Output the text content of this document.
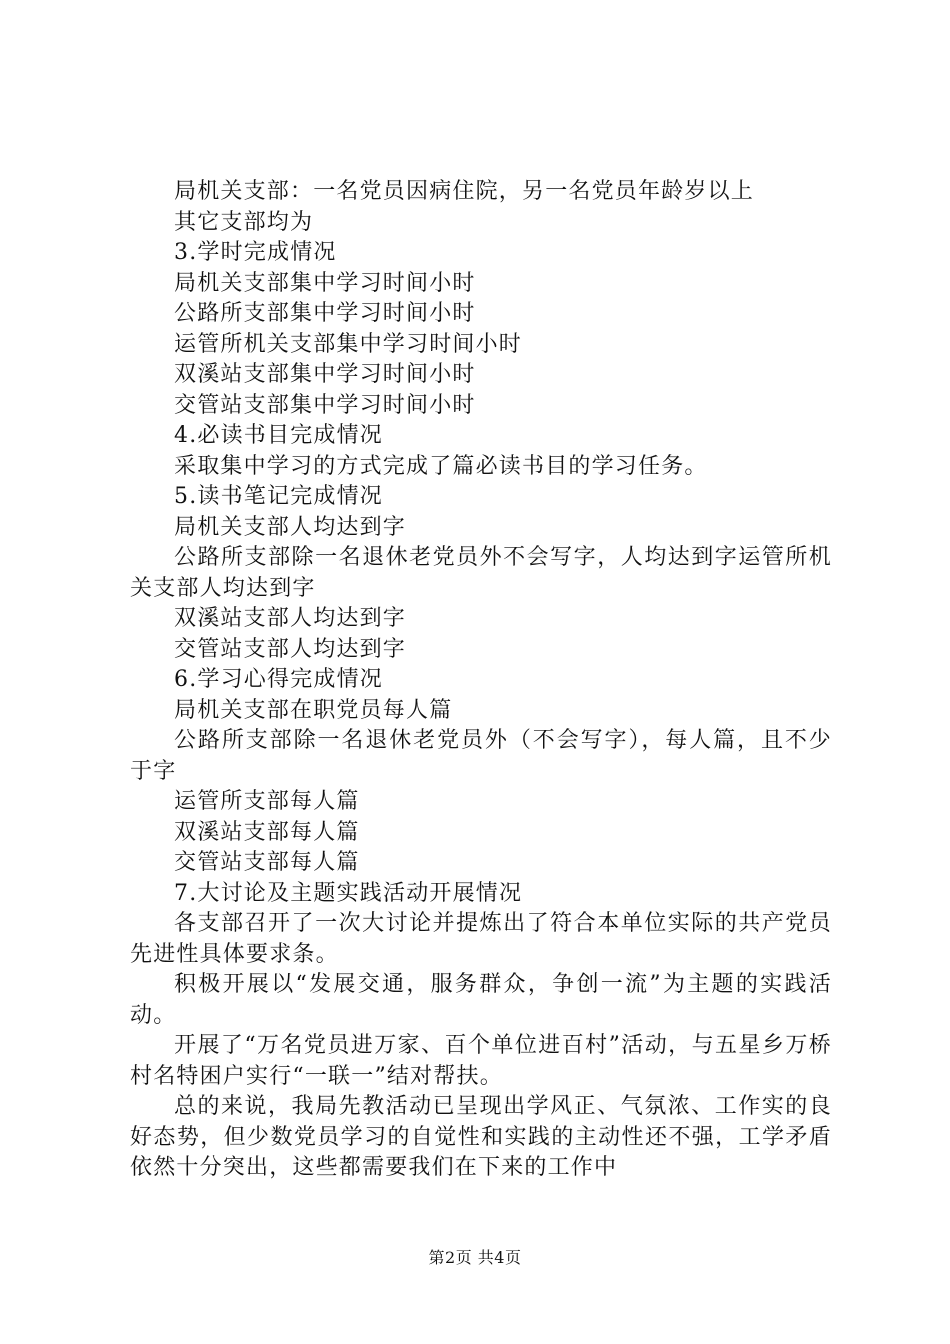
局机关支部：一名党员因病住院，另一名党员年龄岁以上

其它支部均为

3.学时完成情况

局机关支部集中学习时间小时

公路所支部集中学习时间小时

运管所机关支部集中学习时间小时

双溪站支部集中学习时间小时

交管站支部集中学习时间小时

4.必读书目完成情况

采取集中学习的方式完成了篇必读书目的学习任务。

5.读书笔记完成情况

局机关支部人均达到字

公路所支部除一名退休老党员外不会写字，人均达到字运管所机关支部人均达到字

双溪站支部人均达到字

交管站支部人均达到字

6.学习心得完成情况

局机关支部在职党员每人篇

公路所支部除一名退休老党员外（不会写字），每人篇，且不少于字

运管所支部每人篇

双溪站支部每人篇

交管站支部每人篇

7.大讨论及主题实践活动开展情况

各支部召开了一次大讨论并提炼出了符合本单位实际的共产党员先进性具体要求条。

积极开展以“发展交通，服务群众，争创一流”为主题的实践活动。

开展了“万名党员进万家、百个单位进百村”活动，与五星乡万桥村名特困户实行“一联一”结对帮扶。

总的来说，我局先教活动已呈现出学风正、气氛浓、工作实的良好态势，但少数党员学习的自觉性和实践的主动性还不强，工学矛盾依然十分突出，这些都需要我们在下来的工作中

第2页 共4页
